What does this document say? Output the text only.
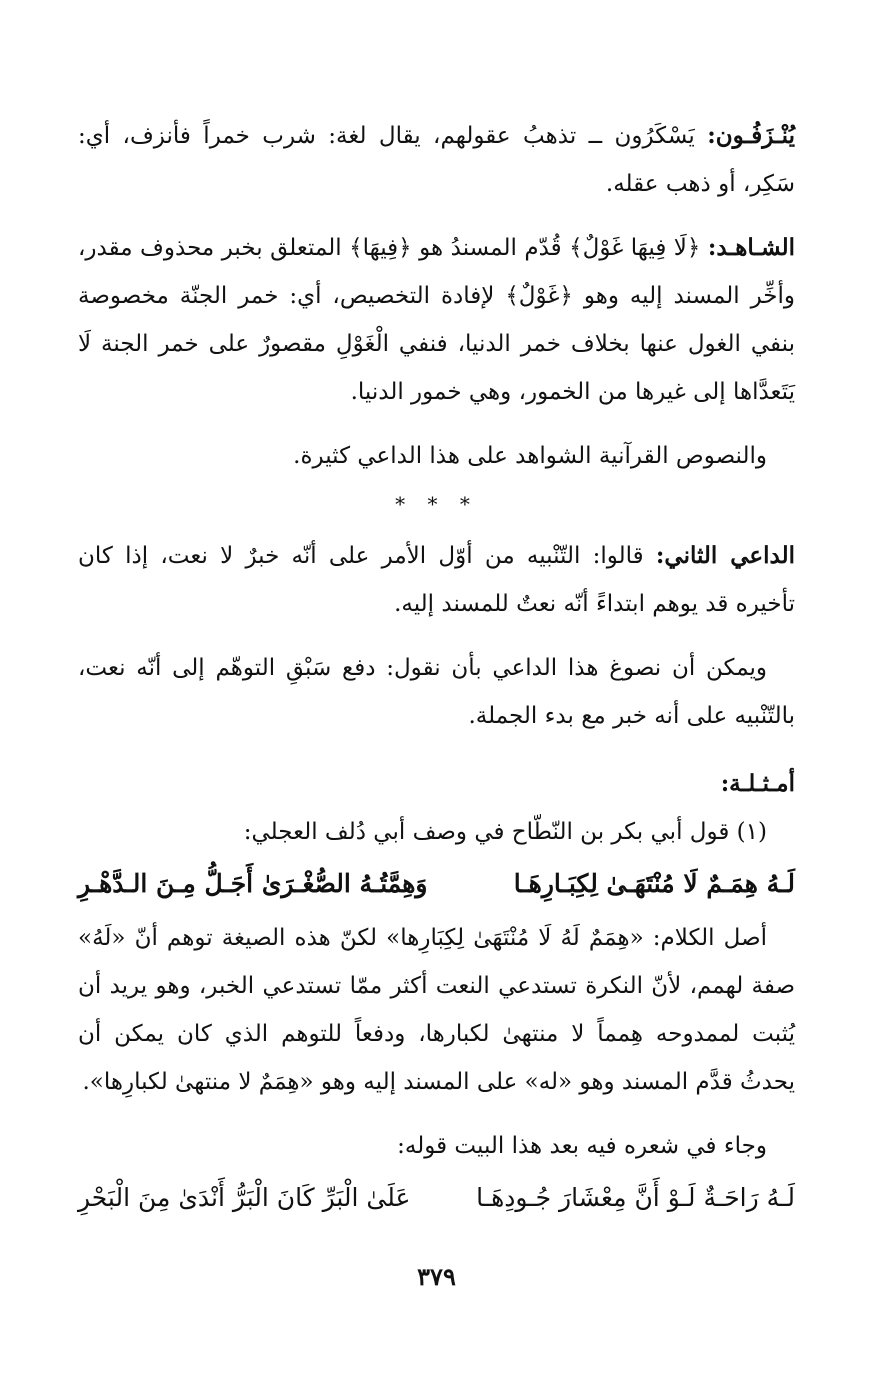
يُنْـزَفُـون: يَسْكَرُون ــ تذهبُ عقولهم، يقال لغة: شرب خمراً فأنزف، أي: سَكِر، أو ذهب عقله.

الشـاهـد: ﴿لَا فِيهَا غَوْلٌ﴾ قُدّم المسندُ هو ﴿فِيهَا﴾ المتعلق بخبر محذوف مقدر، وأخِّر المسند إليه وهو ﴿غَوْلٌ﴾ لإفادة التخصيص، أي: خمر الجنّة مخصوصة بنفي الغول عنها بخلاف خمر الدنيا، فنفي الْغَوْلِ مقصورٌ على خمر الجنة لَا يَتَعدَّاها إلى غيرها من الخمور، وهي خمور الدنيا.

والنصوص القرآنية الشواهد على هذا الداعي كثيرة.

* * *

الداعي الثاني: قالوا: التّنْبيه من أوّل الأمر على أنّه خبرٌ لا نعت، إذا كان تأخيره قد يوهم ابتداءً أنّه نعتٌ للمسند إليه.

ويمكن أن نصوغ هذا الداعي بأن نقول: دفع سَبْقِ التوهّم إلى أنّه نعت، بالتّنْبيه على أنه خبر مع بدء الجملة.

أمـثـلـة:
(١) قول أبي بكر بن النّطّاح في وصف أبي دُلف العجلي:
لَـهُ هِمَـمٌ لَا مُنْتَهَـىٰ لِكِبَـارِهَـا
وَهِمَّتُـهُ الصُّغْـرَىٰ أَجَـلُّ مِـنَ الـدَّهْـرِ

أصل الكلام: «هِمَمٌ لَهُ لَا مُنْتَهَىٰ لِكِبَارِها» لكنّ هذه الصيغة توهم أنّ «لَهُ» صفة لهمم، لأنّ النكرة تستدعي النعت أكثر ممّا تستدعي الخبر، وهو يريد أن يُثبت لممدوحه هِمماً لا منتهىٰ لكبارها، ودفعاً للتوهم الذي كان يمكن أن يحدثُ قدَّم المسند وهو «له» على المسند إليه وهو «هِمَمٌ لا منتهىٰ لكبارِها».

وجاء في شعره فيه بعد هذا البيت قوله:

لَـهُ رَاحَـةٌ لَـوْ أَنَّ مِعْشَارَ جُـودِهَـا
عَلَىٰ الْبَرِّ كَانَ الْبَرُّ أَنْدَىٰ مِنَ الْبَحْرِ
٣٧٩
